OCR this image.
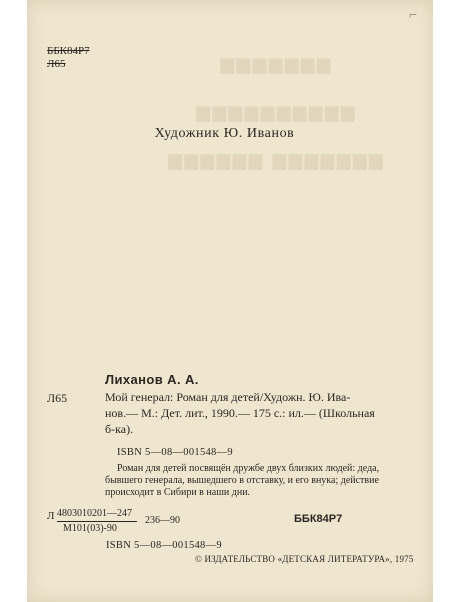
▆▆▆▆▆▆ ▆▆▆▆▆▆▆
▆▆▆▆▆▆▆▆▆▆
▆▆▆▆▆▆▆
⌐
ББК84Р7
Л65
Художник Ю. Иванов
Лиханов А. А.
Л65	Мой генерал: Роман для детей/Художн. Ю. Ива-
нов.— М.: Дет. лит., 1990.— 175 с.: ил.— (Школьная
б-ка).
ISBN 5—08—001548—9
Роман для детей посвящён дружбе двух близких людей: деда,
бывшего генерала, вышедшего в отставку, и его внука; действие
происходит в Сибири в наши дни.
Л 4803010201—247
М101(03)-90
236—90	ББК84Р7
ISBN 5—08—001548—9
© ИЗДАТЕЛЬСТВО «ДЕТСКАЯ ЛИТЕРАТУРА», 1975
